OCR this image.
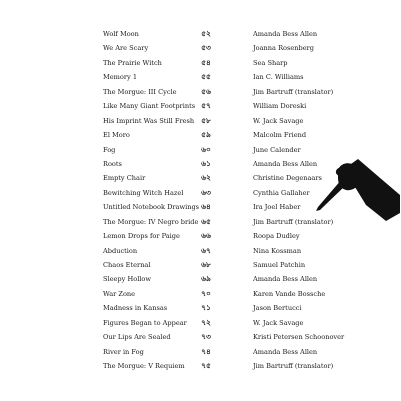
Wolf Moon	৫২	Amanda Bess Allen
We Are Scary	৫৩	Joanna Rosenberg
The Prairie Witch	৫৪	Sea Sharp
Memory 1	৫৫	Ian C. Williams
The Morgue: III Cycle	৫৬	Jim Bartruff (translator)
Like Many Giant Footprints ৫৭	William Doreski
His Imprint Was Still Fresh ৫৮	W. Jack Savage
El Moro	৫৯	Malcolm Friend
Fog	৬০	June Calender
Roots	৬১	Amanda Bess Allen
Empty Chair	৬২	Christine Degenaars
Bewitching Witch Hazel	৬৩	Cynthia Gallaher
Untitled Notebook Drawings ৬৪	Ira Joel Haber
The Morgue: IV Negro bride ৬৫	Jim Bartruff (translator)
Lemon Drops for Paige	৬৬	Roopa Dudley
Abduction	৬৭	Nina Kossman
Chaos Eternal	৬৮	Samuel Patchin
Sleepy Hollow	৬৯	Amanda Bess Allen
War Zone	৭০	Karen Vande Bossche
Madness in Kansas	৭১	Jason Bertucci
Figures Began to Appear	৭২	W. Jack Savage
Our Lips Are Sealed	৭৩	Kristi Petersen Schoonover
River in Fog	৭৪	Amanda Bess Allen
The Morgue: V Requiem	৭৫	Jim Bartruff (translator)
